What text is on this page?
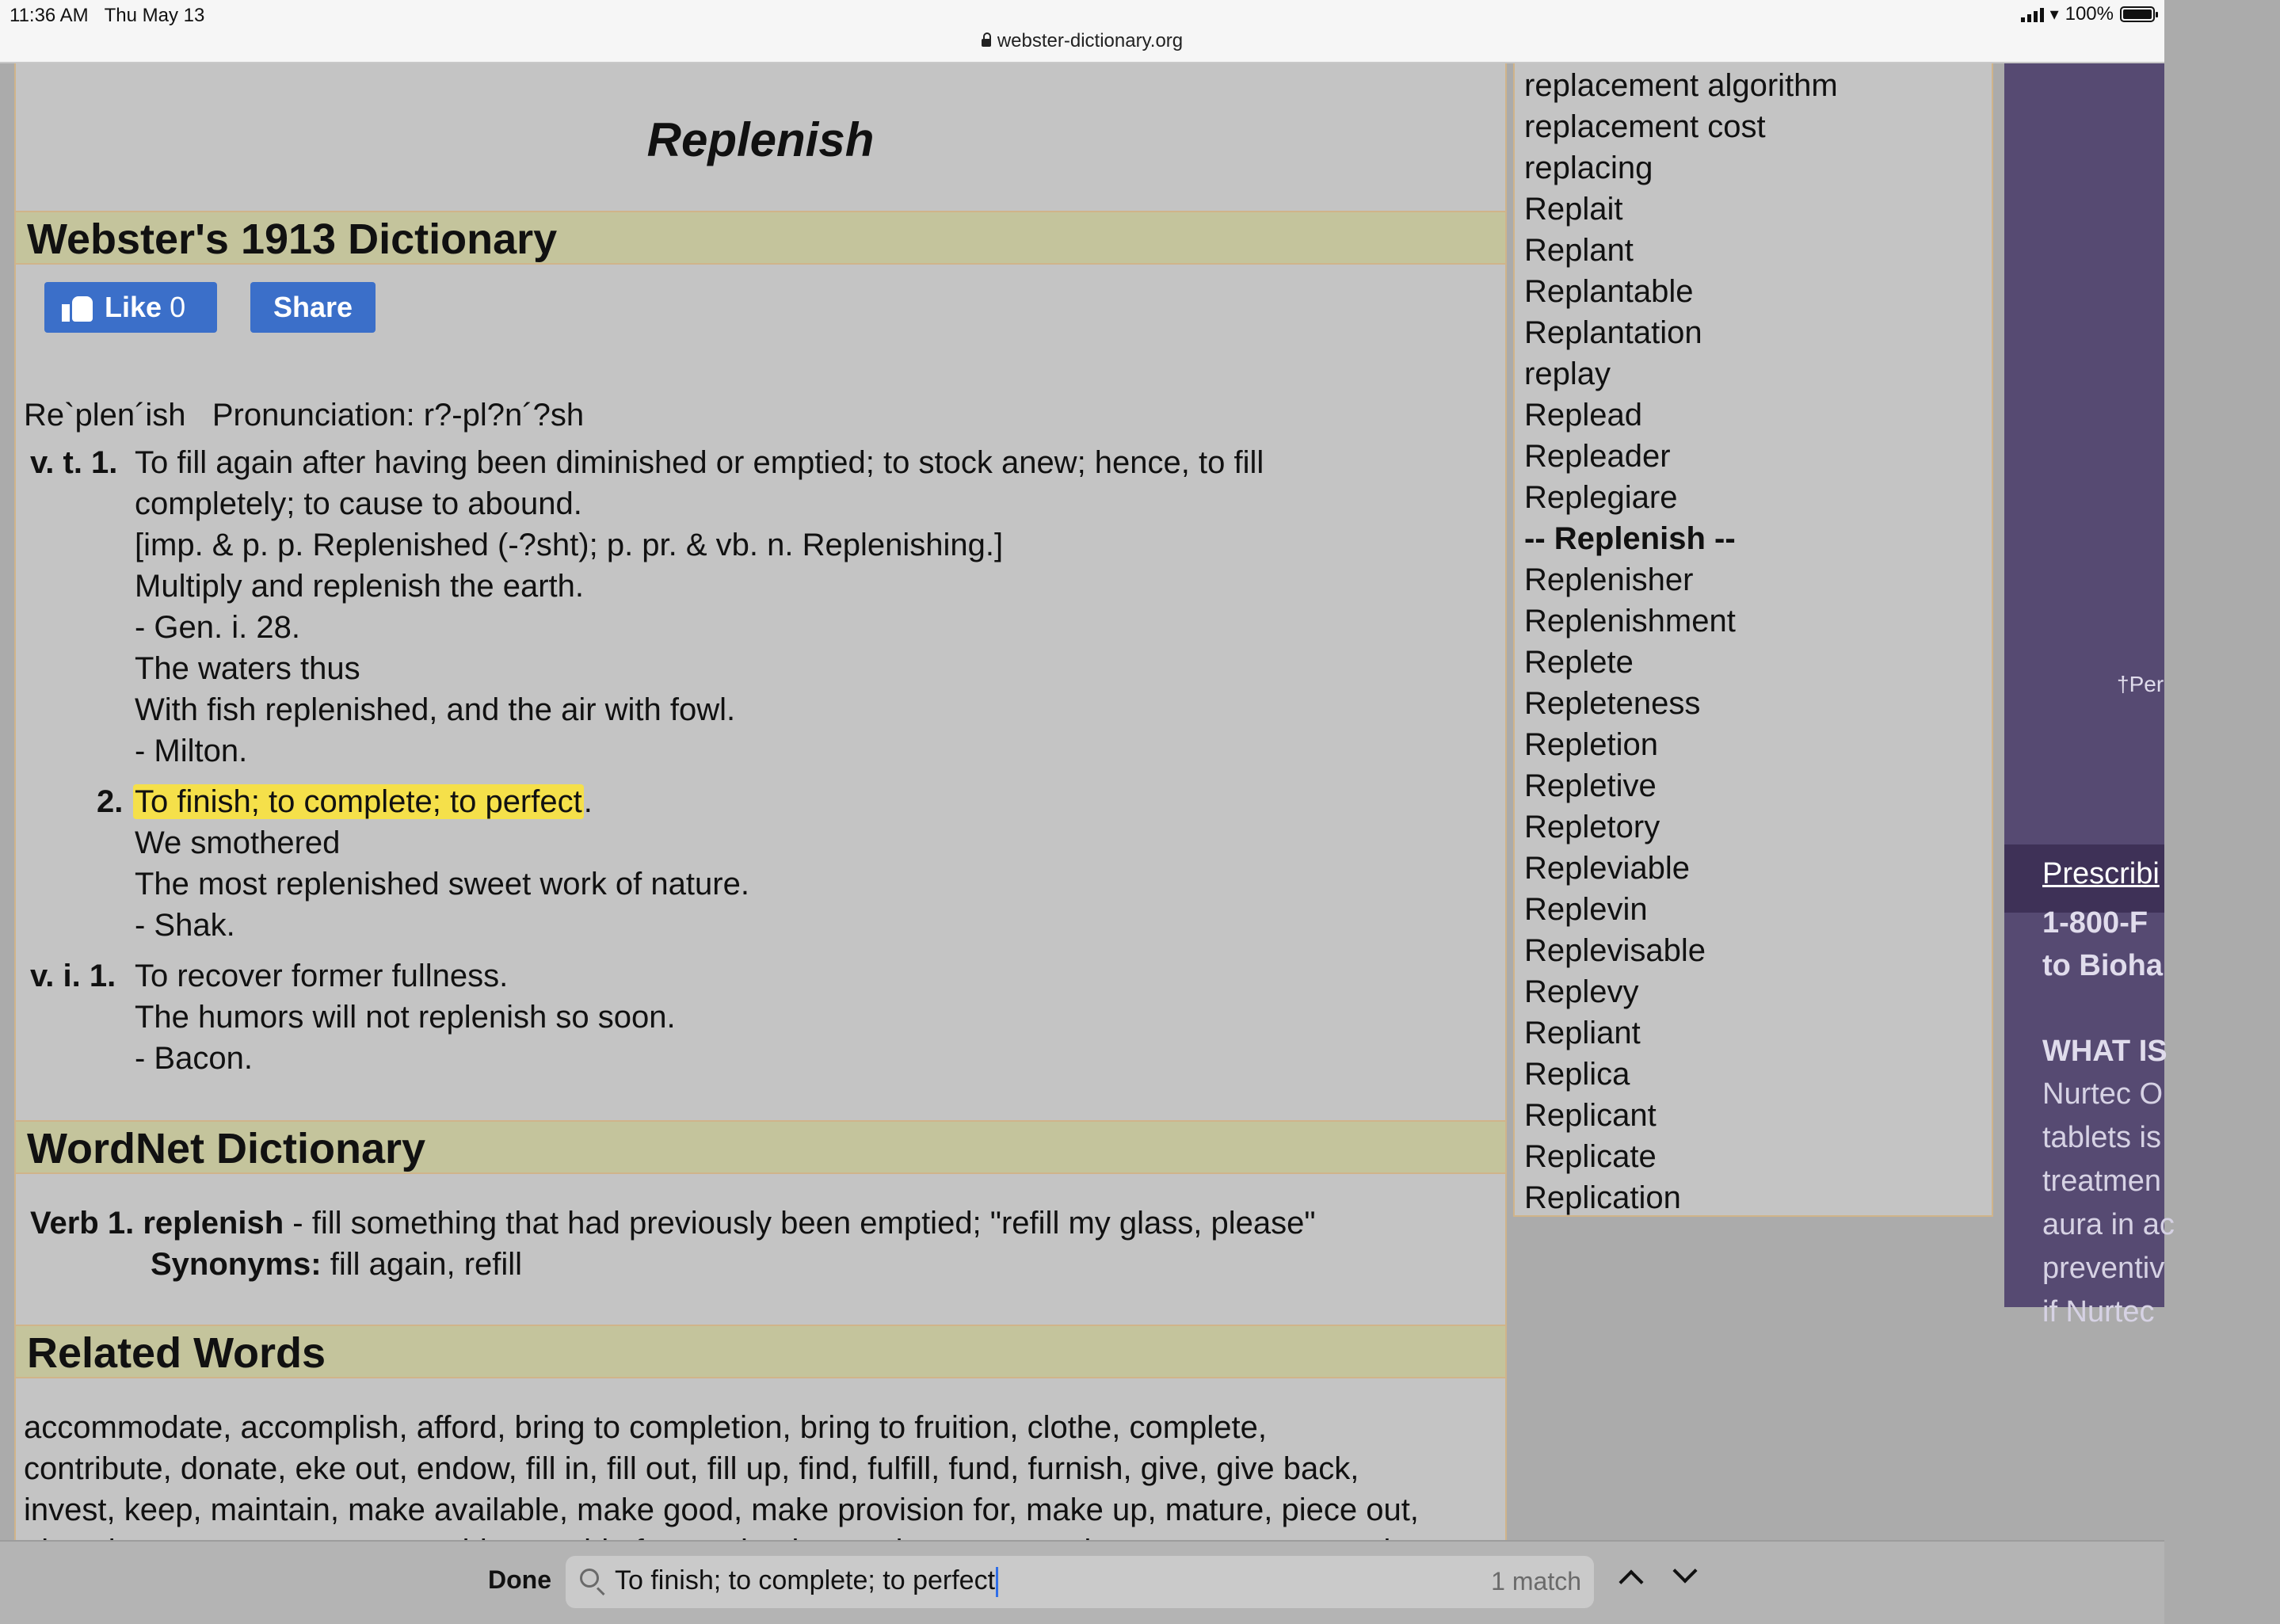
11:36 AM Thu May 13	▾ 100%
webster-dictionary.org
Replenish
Webster's 1913 Dictionary
Like
0	Share
Re`plen´ish Pronunciation: r?-pl?n´?sh
v. t. 1. To fill again after having been diminished or emptied; to stock anew; hence, to fill
completely; to cause to abound.
[imp. & p. p. Replenished (-?sht); p. pr. & vb. n. Replenishing.]
Multiply and replenish the earth.
- Gen. i. 28.
The waters thus
With fish replenished, and the air with fowl.
- Milton.
2. To finish; to complete; to perfect.
We smothered
The most replenished sweet work of nature.
- Shak.
v. i. 1. To recover former fullness.
The humors will not replenish so soon.
- Bacon.
WordNet Dictionary
Verb 1. replenish - fill something that had previously been emptied; "refill my glass, please"
Synonyms: fill again, refill
Related Words
accommodate, accomplish, afford, bring to completion, bring to fruition, clothe, complete,
contribute, donate, eke out, endow, fill in, fill out, fill up, find, fulfill, fund, furnish, give, give back,
invest, keep, maintain, make available, make good, make provision for, make up, mature, piece out,
replacement algorithm
replacement cost
replacing
Replait
Replant
Replantable
Replantation
replay
Replead
Repleader
Replegiare
-- Replenish --
Replenisher
Replenishment
Replete
Repleteness
Repletion
Repletive
Repletory
Repleviable
Replevin
Replevisable
Replevy
Repliant
Replica
Replicant
Replicate
Replication
†Per
Prescribi
1-800-F
to Bioha
WHAT IS
Nurtec O
tablets is
treatmen
aura in ac
preventiv
if Nurtec
Done To finish; to complete; to perfect	1 match
